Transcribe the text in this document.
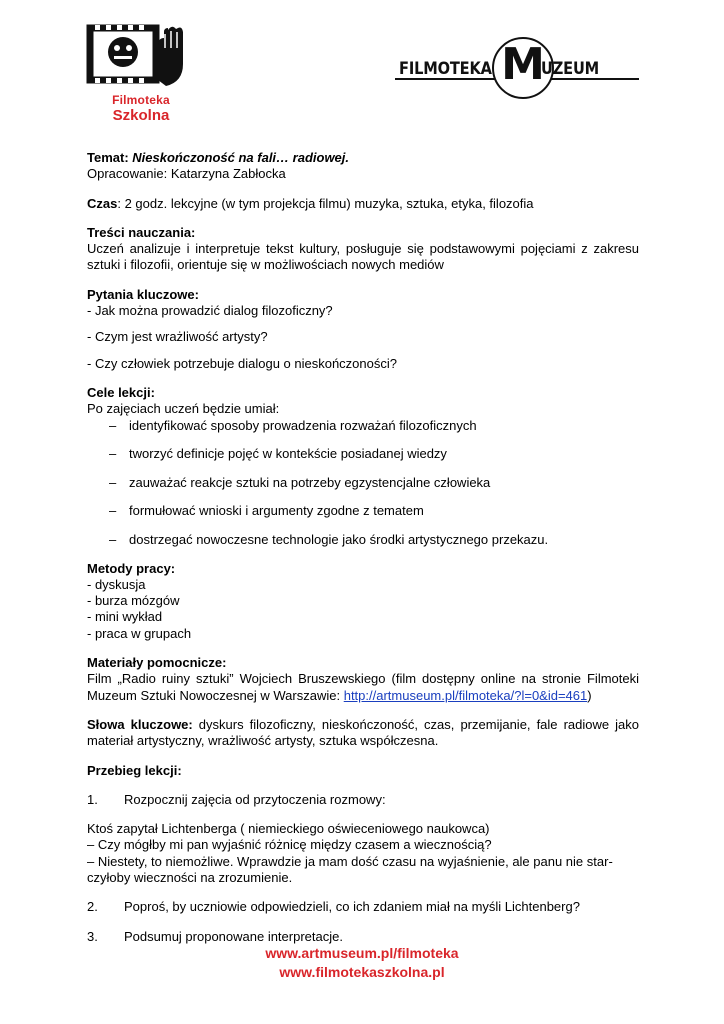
Filmoteka
Szkolna
M
FILMOTEKA	UZEUM

Temat: Nieskończoność na fali… radiowej.

Opracowanie: Katarzyna Zabłocka

Czas: 2 godz. lekcyjne (w tym projekcja filmu) muzyka, sztuka, etyka, filozofia

Treści nauczania:

Uczeń analizuje i interpretuje tekst kultury, posługuje się podstawowymi pojęciami z zakresu sztuki i filozofii, orientuje się w możliwościach nowych mediów

Pytania kluczowe:

- Jak można prowadzić dialog filozoficzny?

- Czym jest wrażliwość artysty?

- Czy człowiek potrzebuje dialogu o nieskończoności?

Cele lekcji:

Po zajęciach uczeń będzie umiał:

– identyfikować sposoby prowadzenia rozważań filozoficznych
– tworzyć definicje pojęć w kontekście posiadanej wiedzy
– zauważać reakcje sztuki na potrzeby egzystencjalne człowieka
– formułować wnioski i argumenty zgodne z tematem
– dostrzegać nowoczesne technologie jako środki artystycznego przekazu.

Metody pracy:

- dyskusja

- burza mózgów

- mini wykład

- praca w grupach

Materiały pomocnicze:

Film „Radio ruiny sztuki” Wojciech Bruszewskiego (film dostępny online na stronie Filmoteki Muzeum Sztuki Nowoczesnej w Warszawie: http://artmuseum.pl/filmoteka/?l=0&id=461)

Słowa kluczowe: dyskurs filozoficzny, nieskończoność, czas, przemijanie, fale radiowe jako materiał artystyczny, wrażliwość artysty, sztuka współczesna.

Przebieg lekcji:

1. Rozpocznij zajęcia od przytoczenia rozmowy:

Ktoś zapytał Lichtenberga ( niemieckiego oświeceniowego naukowca)

– Czy mógłby mi pan wyjaśnić różnicę między czasem a wiecznością?

– Niestety, to niemożliwe. Wprawdzie ja mam dość czasu na wyjaśnienie, ale panu nie star-

czyłoby wieczności na zrozumienie.

2. Poproś, by uczniowie odpowiedzieli, co ich zdaniem miał na myśli Lichtenberg?
3. Podsumuj proponowane interpretacje.
www.artmuseum.pl/filmoteka
www.filmotekaszkolna.pl
